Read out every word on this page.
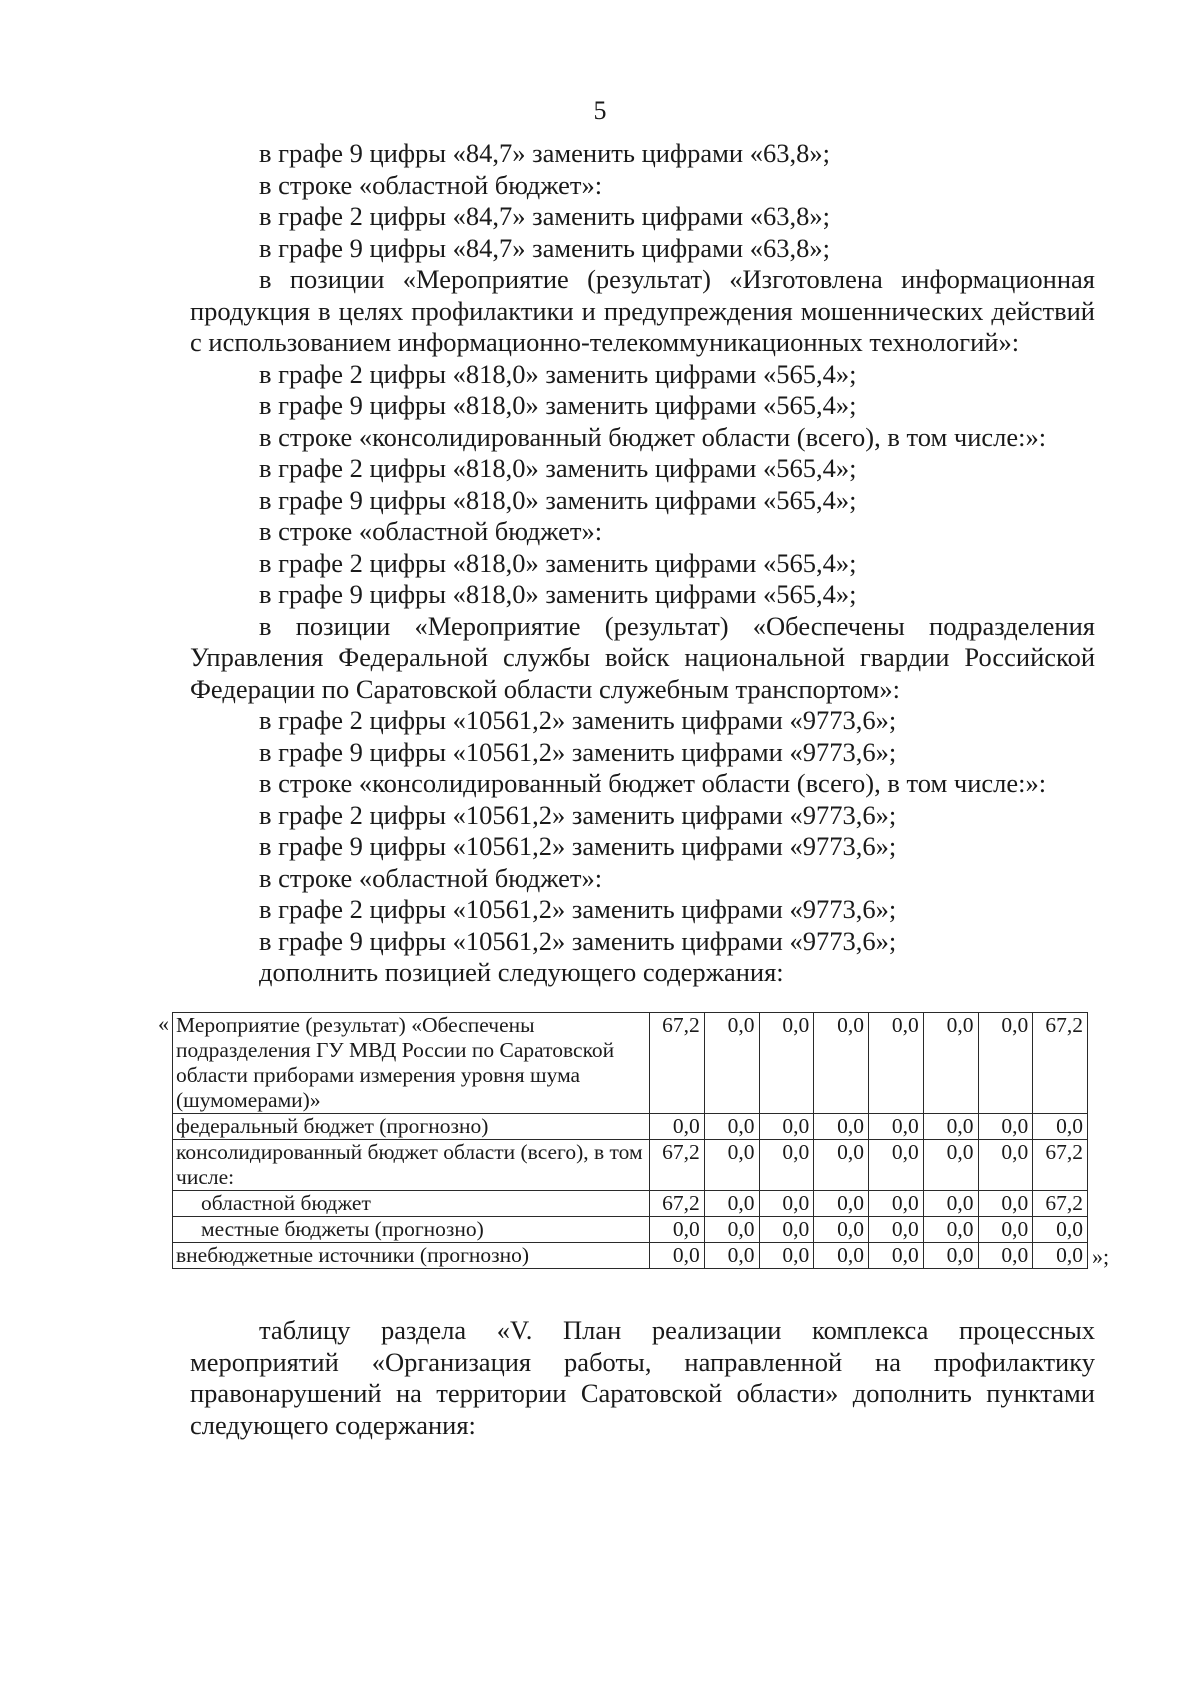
5
в графе 9 цифры «84,7» заменить цифрами «63,8»;
в строке «областной бюджет»:
в графе 2 цифры «84,7» заменить цифрами «63,8»;
в графе 9 цифры «84,7» заменить цифрами «63,8»;
в позиции «Мероприятие (результат) «Изготовлена информационная продукция в целях профилактики и предупреждения мошеннических действий с использованием информационно-телекоммуникационных технологий»:
в графе 2 цифры «818,0» заменить цифрами «565,4»;
в графе 9 цифры «818,0» заменить цифрами «565,4»;
в строке «консолидированный бюджет области (всего), в том числе:»:
в графе 2 цифры «818,0» заменить цифрами «565,4»;
в графе 9 цифры «818,0» заменить цифрами «565,4»;
в строке «областной бюджет»:
в графе 2 цифры «818,0» заменить цифрами «565,4»;
в графе 9 цифры «818,0» заменить цифрами «565,4»;
в позиции «Мероприятие (результат) «Обеспечены подразделения Управления Федеральной службы войск национальной гвардии Российской Федерации по Саратовской области служебным транспортом»:
в графе 2 цифры «10561,2» заменить цифрами «9773,6»;
в графе 9 цифры «10561,2» заменить цифрами «9773,6»;
в строке «консолидированный бюджет области (всего), в том числе:»:
в графе 2 цифры «10561,2» заменить цифрами «9773,6»;
в графе 9 цифры «10561,2» заменить цифрами «9773,6»;
в строке «областной бюджет»:
в графе 2 цифры «10561,2» заменить цифрами «9773,6»;
в графе 9 цифры «10561,2» заменить цифрами «9773,6»;
дополнить позицией следующего содержания:
« Мероприятие (результат) «Обеспечены подразделения ГУ МВД России по Саратовской области приборами измерения уровня шума (шумомерами)»	67,2	0,0	0,0	0,0	0,0	0,0	0,0	67,2
федеральный бюджет (прогнозно)	0,0	0,0	0,0	0,0	0,0	0,0	0,0	0,0
консолидированный бюджет области (всего), в том числе:	67,2	0,0	0,0	0,0	0,0	0,0	0,0	67,2
областной бюджет	67,2	0,0	0,0	0,0	0,0	0,0	0,0	67,2
местные бюджеты (прогнозно)	0,0	0,0	0,0	0,0	0,0	0,0	0,0	0,0
внебюджетные источники (прогнозно)	0,0	0,0	0,0	0,0	0,0	0,0	0,0	0,0 »;
таблицу раздела «V. План реализации комплекса процессных мероприятий «Организация работы, направленной на профилактику правонарушений на территории Саратовской области» дополнить пунктами следующего содержания:
